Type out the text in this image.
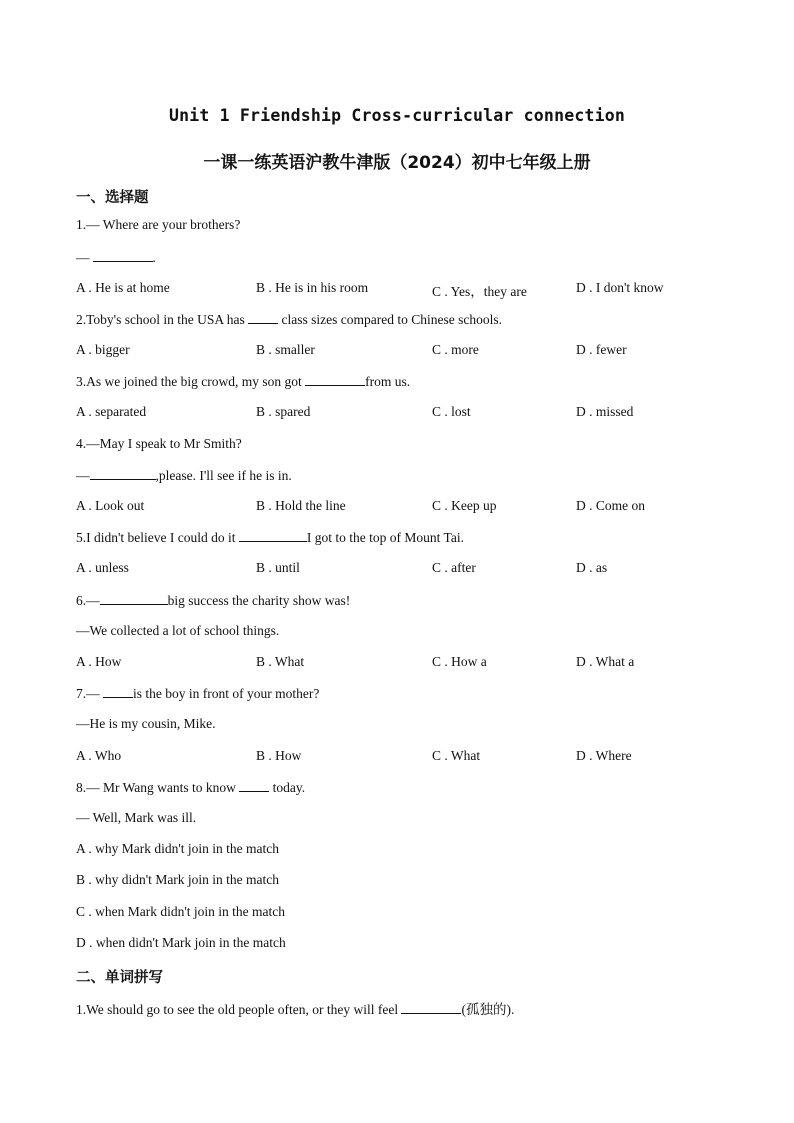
Unit 1 Friendship Cross-curricular connection
一课一练英语沪教牛津版（2024）初中七年级上册
一、选择题
1.— Where are your brothers?
—	.
A . He is at home	B . He is in his room	C . Yes，they are	D . I don't know
2.Toby's school in the USA has	class sizes compared to Chinese schools.
A . bigger	B . smaller	C . more	D . fewer
3.As we joined the big crowd, my son got	from us.
A . separated	B . spared	C . lost	D . missed
4.—May I speak to Mr Smith?
—	,please. I'll see if he is in.
A . Look out	B . Hold the line	C . Keep up	D . Come on
5.I didn't believe I could do it	I got to the top of Mount Tai.
A . unless	B . until	C . after	D . as
6.—	big success the charity show was!
—We collected a lot of school things.
A . How	B . What	C . How a	D . What a
7.— is the boy in front of your mother?
—He is my cousin, Mike.
A . Who	B . How	C . What	D . Where
8.— Mr Wang wants to know	today.
— Well, Mark was ill.
A . why Mark didn't join in the match
B . why didn't Mark join in the match
C . when Mark didn't join in the match
D . when didn't Mark join in the match
二、单词拼写
1.We should go to see the old people often, or they will feel	(孤独的).
